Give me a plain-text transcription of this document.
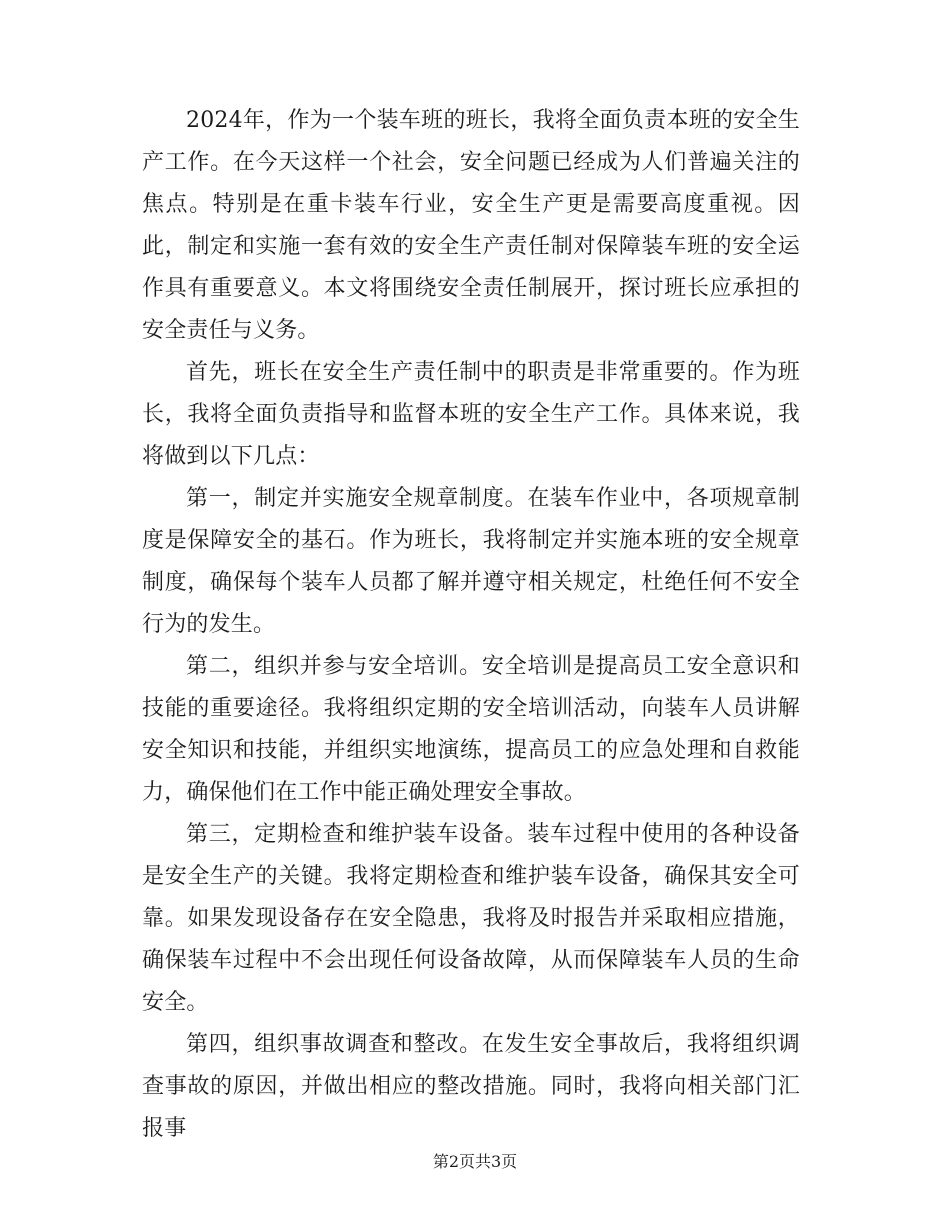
2024年，作为一个装车班的班长，我将全面负责本班的安全生产工作。在今天这样一个社会，安全问题已经成为人们普遍关注的焦点。特别是在重卡装车行业，安全生产更是需要高度重视。因此，制定和实施一套有效的安全生产责任制对保障装车班的安全运作具有重要意义。本文将围绕安全责任制展开，探讨班长应承担的安全责任与义务。

首先，班长在安全生产责任制中的职责是非常重要的。作为班长，我将全面负责指导和监督本班的安全生产工作。具体来说，我将做到以下几点：

第一，制定并实施安全规章制度。在装车作业中，各项规章制度是保障安全的基石。作为班长，我将制定并实施本班的安全规章制度，确保每个装车人员都了解并遵守相关规定，杜绝任何不安全行为的发生。

第二，组织并参与安全培训。安全培训是提高员工安全意识和技能的重要途径。我将组织定期的安全培训活动，向装车人员讲解安全知识和技能，并组织实地演练，提高员工的应急处理和自救能力，确保他们在工作中能正确处理安全事故。

第三，定期检查和维护装车设备。装车过程中使用的各种设备是安全生产的关键。我将定期检查和维护装车设备，确保其安全可靠。如果发现设备存在安全隐患，我将及时报告并采取相应措施，确保装车过程中不会出现任何设备故障，从而保障装车人员的生命安全。

第四，组织事故调查和整改。在发生安全事故后，我将组织调查事故的原因，并做出相应的整改措施。同时，我将向相关部门汇报事

第2页共3页
